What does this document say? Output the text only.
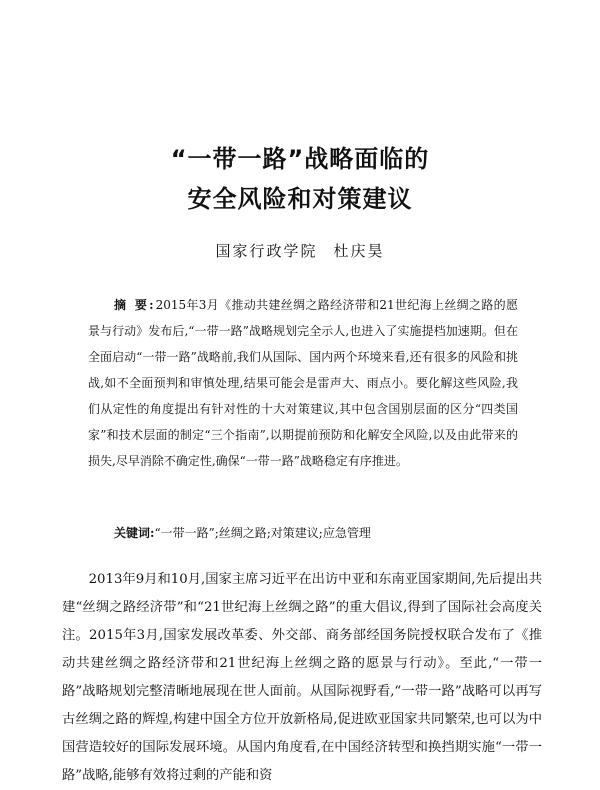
“一带一路”战略面临的
安全风险和对策建议
国家行政学院 杜庆昊
摘 要:2015年3月《推动共建丝绸之路经济带和21世纪海上丝绸之路的愿景与行动》发布后,“一带一路”战略规划完全示人,也进入了实施提档加速期。但在全面启动“一带一路”战略前,我们从国际、国内两个环境来看,还有很多的风险和挑战,如不全面预判和审慎处理,结果可能会是雷声大、雨点小。要化解这些风险,我们从定性的角度提出有针对性的十大对策建议,其中包含国别层面的区分“四类国家”和技术层面的制定“三个指南”,以期提前预防和化解安全风险,以及由此带来的损失,尽早消除不确定性,确保“一带一路”战略稳定有序推进。
关键词:“一带一路”;丝绸之路;对策建议;应急管理

2013年9月和10月,国家主席习近平在出访中亚和东南亚国家期间,先后提出共建“丝绸之路经济带”和“21世纪海上丝绸之路”的重大倡议,得到了国际社会高度关注。2015年3月,国家发展改革委、外交部、商务部经国务院授权联合发布了《推动共建丝绸之路经济带和21世纪海上丝绸之路的愿景与行动》。至此,“一带一路”战略规划完整清晰地展现在世人面前。从国际视野看,“一带一路”战略可以再写古丝绸之路的辉煌,构建中国全方位开放新格局,促进欧亚国家共同繁荣,也可以为中国营造较好的国际发展环境。从国内角度看,在中国经济转型和换挡期实施“一带一路”战略,能够有效将过剩的产能和资
